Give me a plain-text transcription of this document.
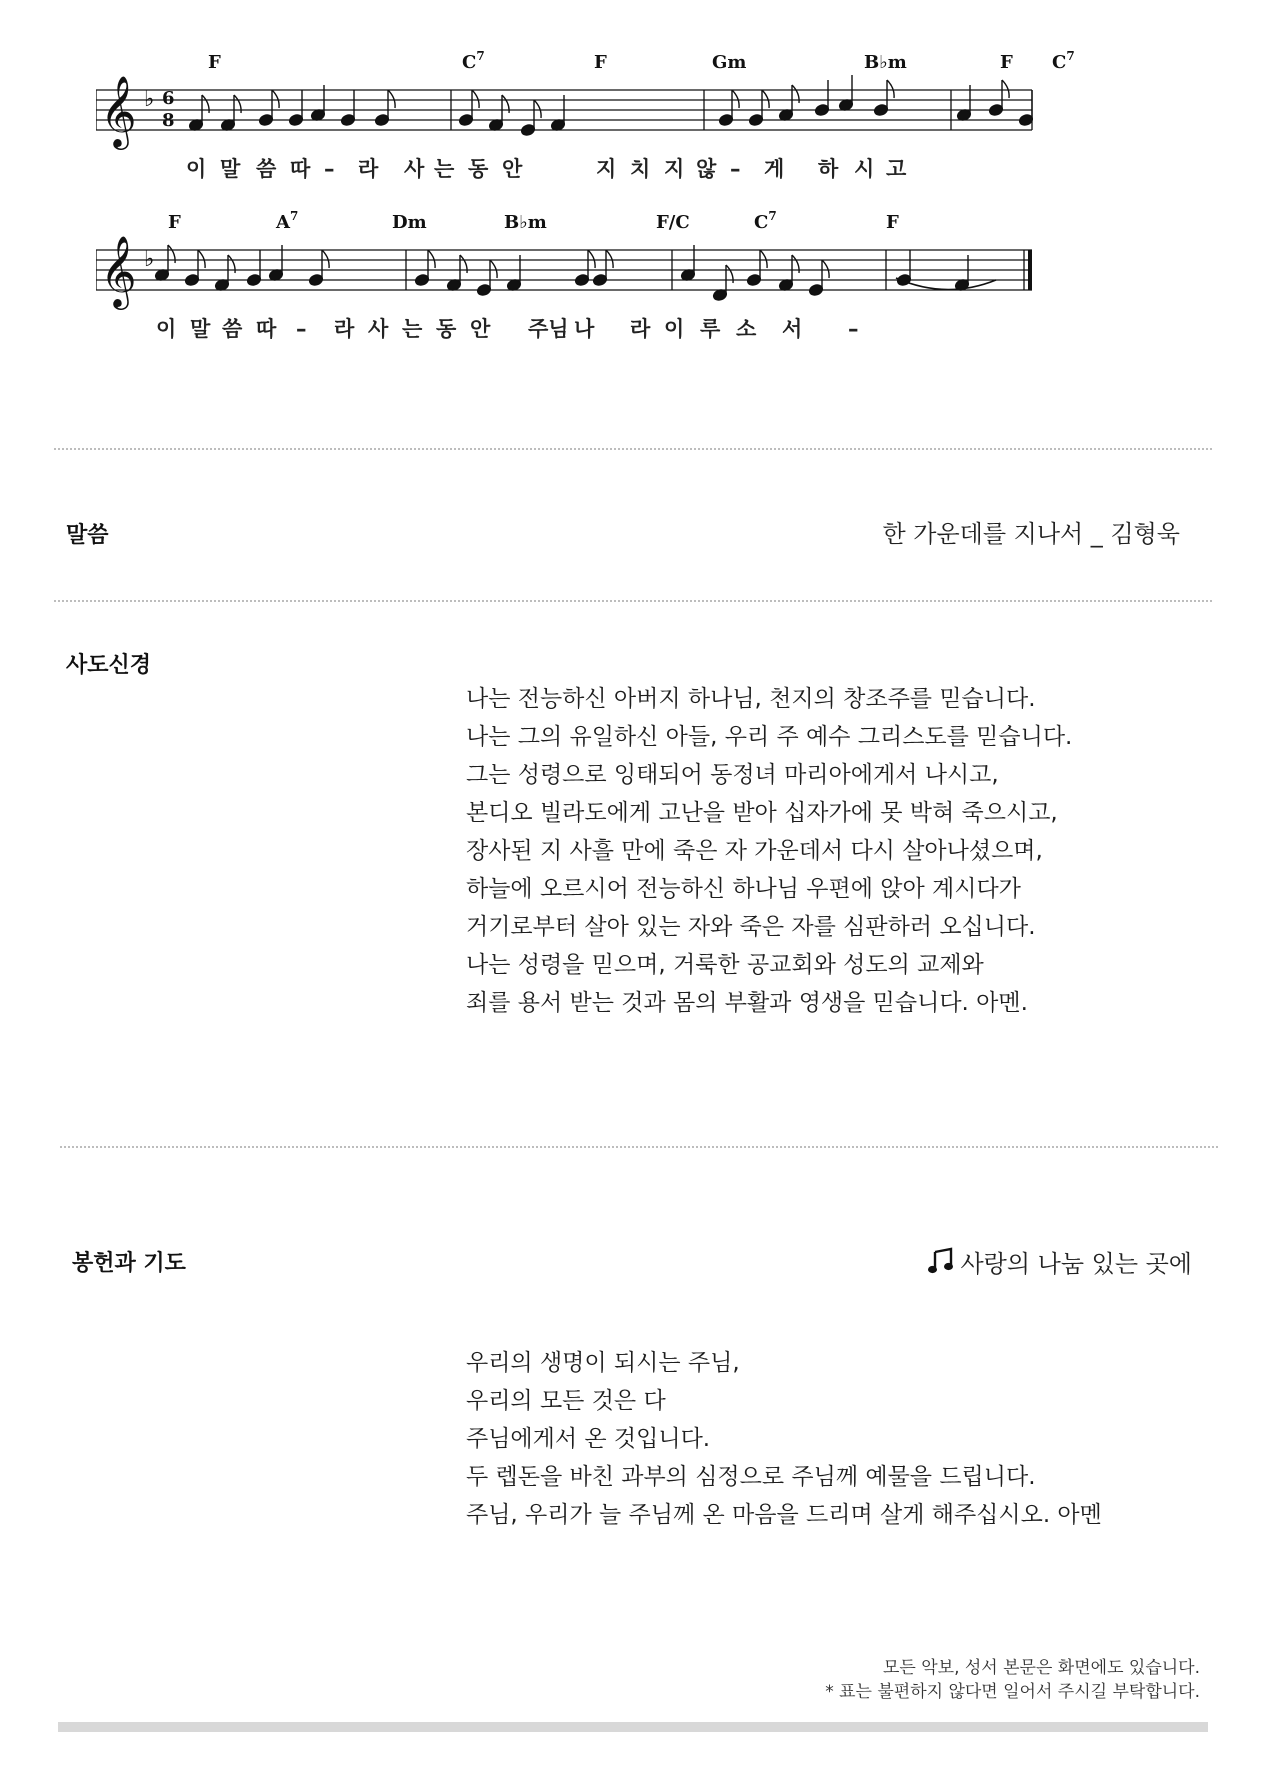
𝄞 ♭ 6
8
F	$C^7$	F	Gm	B♭m	F $C^7$
이 말 씀 따 – 라 사 는 동 안	지 치 지 않 – 게 하 시 고
𝄞 ♭
F	$A^7$	Dm	B♭m	F/C	$C^7$	F
이 말 씀 따 – 라 사 는 동 안 주님 나 라 이 루 소 서 –
말씀	한 가운데를 지나서 _ 김형욱
사도신경
나는 전능하신 아버지 하나님, 천지의 창조주를 믿습니다.
나는 그의 유일하신 아들, 우리 주 예수 그리스도를 믿습니다.
그는 성령으로 잉태되어 동정녀 마리아에게서 나시고,
본디오 빌라도에게 고난을 받아 십자가에 못 박혀 죽으시고,
장사된 지 사흘 만에 죽은 자 가운데서 다시 살아나셨으며,
하늘에 오르시어 전능하신 하나님 우편에 앉아 계시다가
거기로부터 살아 있는 자와 죽은 자를 심판하러 오십니다.
나는 성령을 믿으며, 거룩한 공교회와 성도의 교제와
죄를 용서 받는 것과 몸의 부활과 영생을 믿습니다. 아멘.
봉헌과 기도	사랑의 나눔 있는 곳에
우리의 생명이 되시는 주님,
우리의 모든 것은 다
주님에게서 온 것입니다.
두 렙돈을 바친 과부의 심정으로 주님께 예물을 드립니다.
주님, 우리가 늘 주님께 온 마음을 드리며 살게 해주십시오. 아멘
모든 악보, 성서 본문은 화면에도 있습니다.
* 표는 불편하지 않다면 일어서 주시길 부탁합니다.
